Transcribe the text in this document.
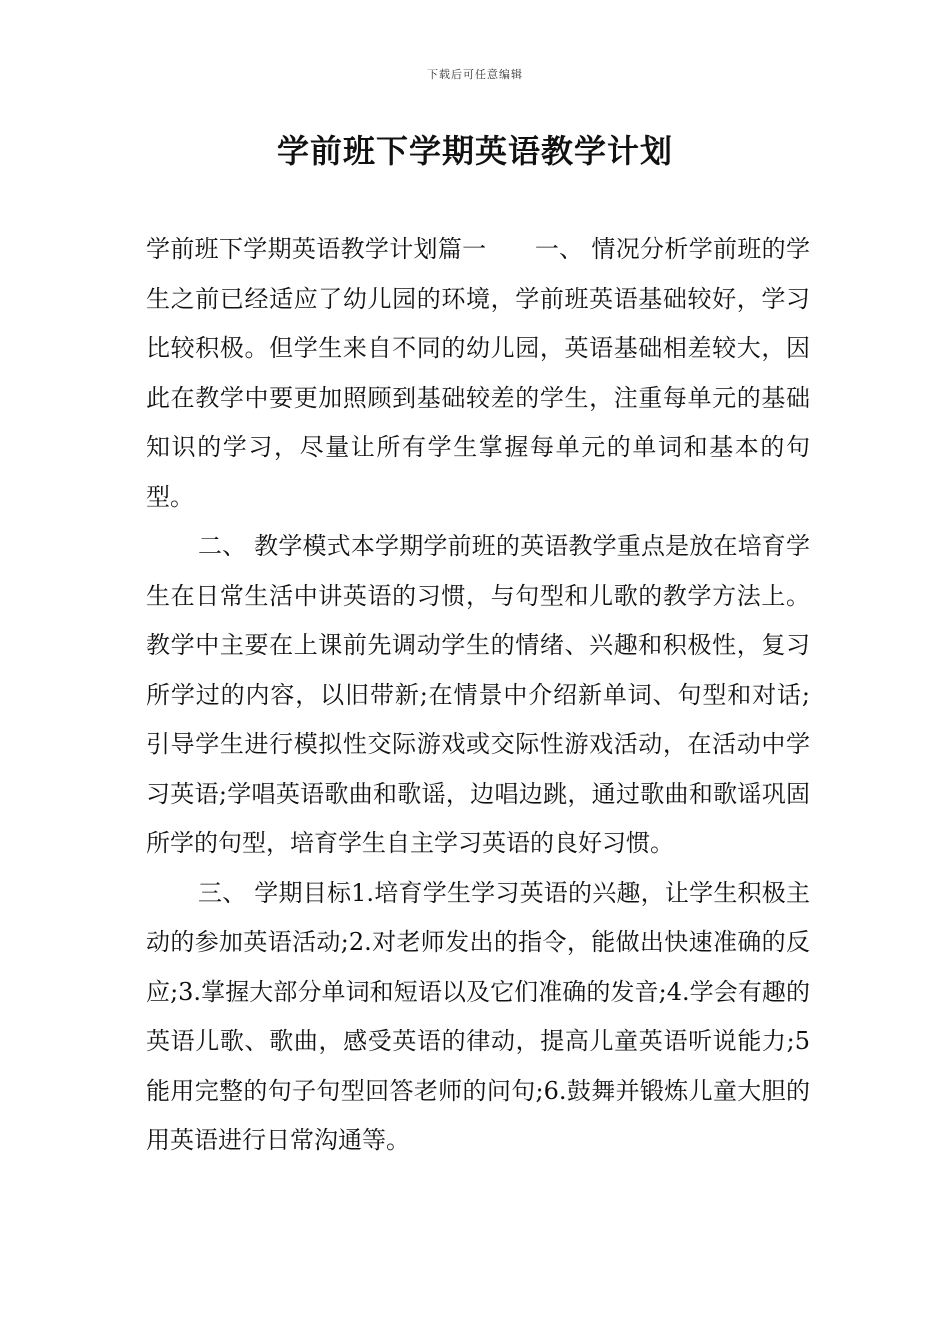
下载后可任意编辑
学前班下学期英语教学计划

学前班下学期英语教学计划篇一 一、 情况分析学前班的学生之前已经适应了幼儿园的环境，学前班英语基础较好，学习比较积极。但学生来自不同的幼儿园，英语基础相差较大，因此在教学中要更加照顾到基础较差的学生，注重每单元的基础知识的学习，尽量让所有学生掌握每单元的单词和基本的句型。

二、 教学模式本学期学前班的英语教学重点是放在培育学生在日常生活中讲英语的习惯，与句型和儿歌的教学方法上。教学中主要在上课前先调动学生的情绪、兴趣和积极性，复习所学过的内容，以旧带新;在情景中介绍新单词、句型和对话;引导学生进行模拟性交际游戏或交际性游戏活动，在活动中学习英语;学唱英语歌曲和歌谣，边唱边跳，通过歌曲和歌谣巩固所学的句型，培育学生自主学习英语的良好习惯。

三、 学期目标1.培育学生学习英语的兴趣，让学生积极主动的参加英语活动;2.对老师发出的指令，能做出快速准确的反应;3.掌握大部分单词和短语以及它们准确的发音;4.学会有趣的英语儿歌、歌曲，感受英语的律动，提高儿童英语听说能力;5能用完整的句子句型回答老师的问句;6.鼓舞并锻炼儿童大胆的用英语进行日常沟通等。
